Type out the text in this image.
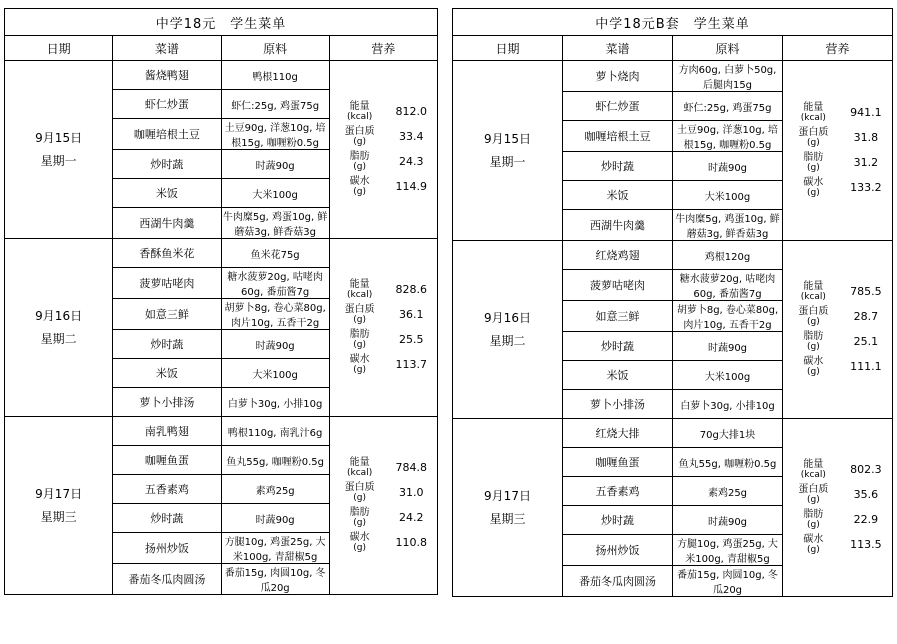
中学18元　学生菜单
日期	菜谱	原料	营养

9月15日
星期一
	酱烧鸭翅	鸭根110g	
能量
(kcal)	812.0
蛋白质
(g)	33.4
脂肪
(g)	24.3
碳水
(g)	114.9

虾仁炒蛋	虾仁:25g, 鸡蛋75g
咖喱培根土豆	土豆90g, 洋葱10g, 培根15g, 咖喱粉0.5g
炒时蔬	时蔬90g
米饭	大米100g
西湖牛肉羹	牛肉糜5g, 鸡蛋10g, 鲜蘑菇3g, 鲜香菇3g

9月16日
星期二
	香酥鱼米花	鱼米花75g	
能量
(kcal)	828.6
蛋白质
(g)	36.1
脂肪
(g)	25.5
碳水
(g)	113.7

菠萝咕咾肉	糖水菠萝20g, 咕咾肉60g, 番茄酱7g
如意三鲜	胡萝卜8g, 卷心菜80g, 肉片10g, 五香干2g
炒时蔬	时蔬90g
米饭	大米100g
萝卜小排汤	白萝卜30g, 小排10g

9月17日
星期三
	南乳鸭翅	鸭根110g, 南乳汁6g	
能量
(kcal)	784.8
蛋白质
(g)	31.0
脂肪
(g)	24.2
碳水
(g)	110.8

咖喱鱼蛋	鱼丸55g, 咖喱粉0.5g
五香素鸡	素鸡25g
炒时蔬	时蔬90g
扬州炒饭	方腿10g, 鸡蛋25g, 大米100g, 青甜椒5g
番茄冬瓜肉圆汤	番茄15g, 肉圆10g, 冬瓜20g
中学18元B套　学生菜单
日期	菜谱	原料	营养

9月15日
星期一
	萝卜烧肉	方肉60g, 白萝卜50g, 后腿肉15g	
能量
(kcal)	941.1
蛋白质
(g)	31.8
脂肪
(g)	31.2
碳水
(g)	133.2

虾仁炒蛋	虾仁:25g, 鸡蛋75g
咖喱培根土豆	土豆90g, 洋葱10g, 培根15g, 咖喱粉0.5g
炒时蔬	时蔬90g
米饭	大米100g
西湖牛肉羹	牛肉糜5g, 鸡蛋10g, 鲜蘑菇3g, 鲜香菇3g

9月16日
星期二
	红烧鸡翅	鸡根120g	
能量
(kcal)	785.5
蛋白质
(g)	28.7
脂肪
(g)	25.1
碳水
(g)	111.1

菠萝咕咾肉	糖水菠萝20g, 咕咾肉60g, 番茄酱7g
如意三鲜	胡萝卜8g, 卷心菜80g, 肉片10g, 五香干2g
炒时蔬	时蔬90g
米饭	大米100g
萝卜小排汤	白萝卜30g, 小排10g

9月17日
星期三
	红烧大排	70g大排1块	
能量
(kcal)	802.3
蛋白质
(g)	35.6
脂肪
(g)	22.9
碳水
(g)	113.5

咖喱鱼蛋	鱼丸55g, 咖喱粉0.5g
五香素鸡	素鸡25g
炒时蔬	时蔬90g
扬州炒饭	方腿10g, 鸡蛋25g, 大米100g, 青甜椒5g
番茄冬瓜肉圆汤	番茄15g, 肉圆10g, 冬瓜20g
